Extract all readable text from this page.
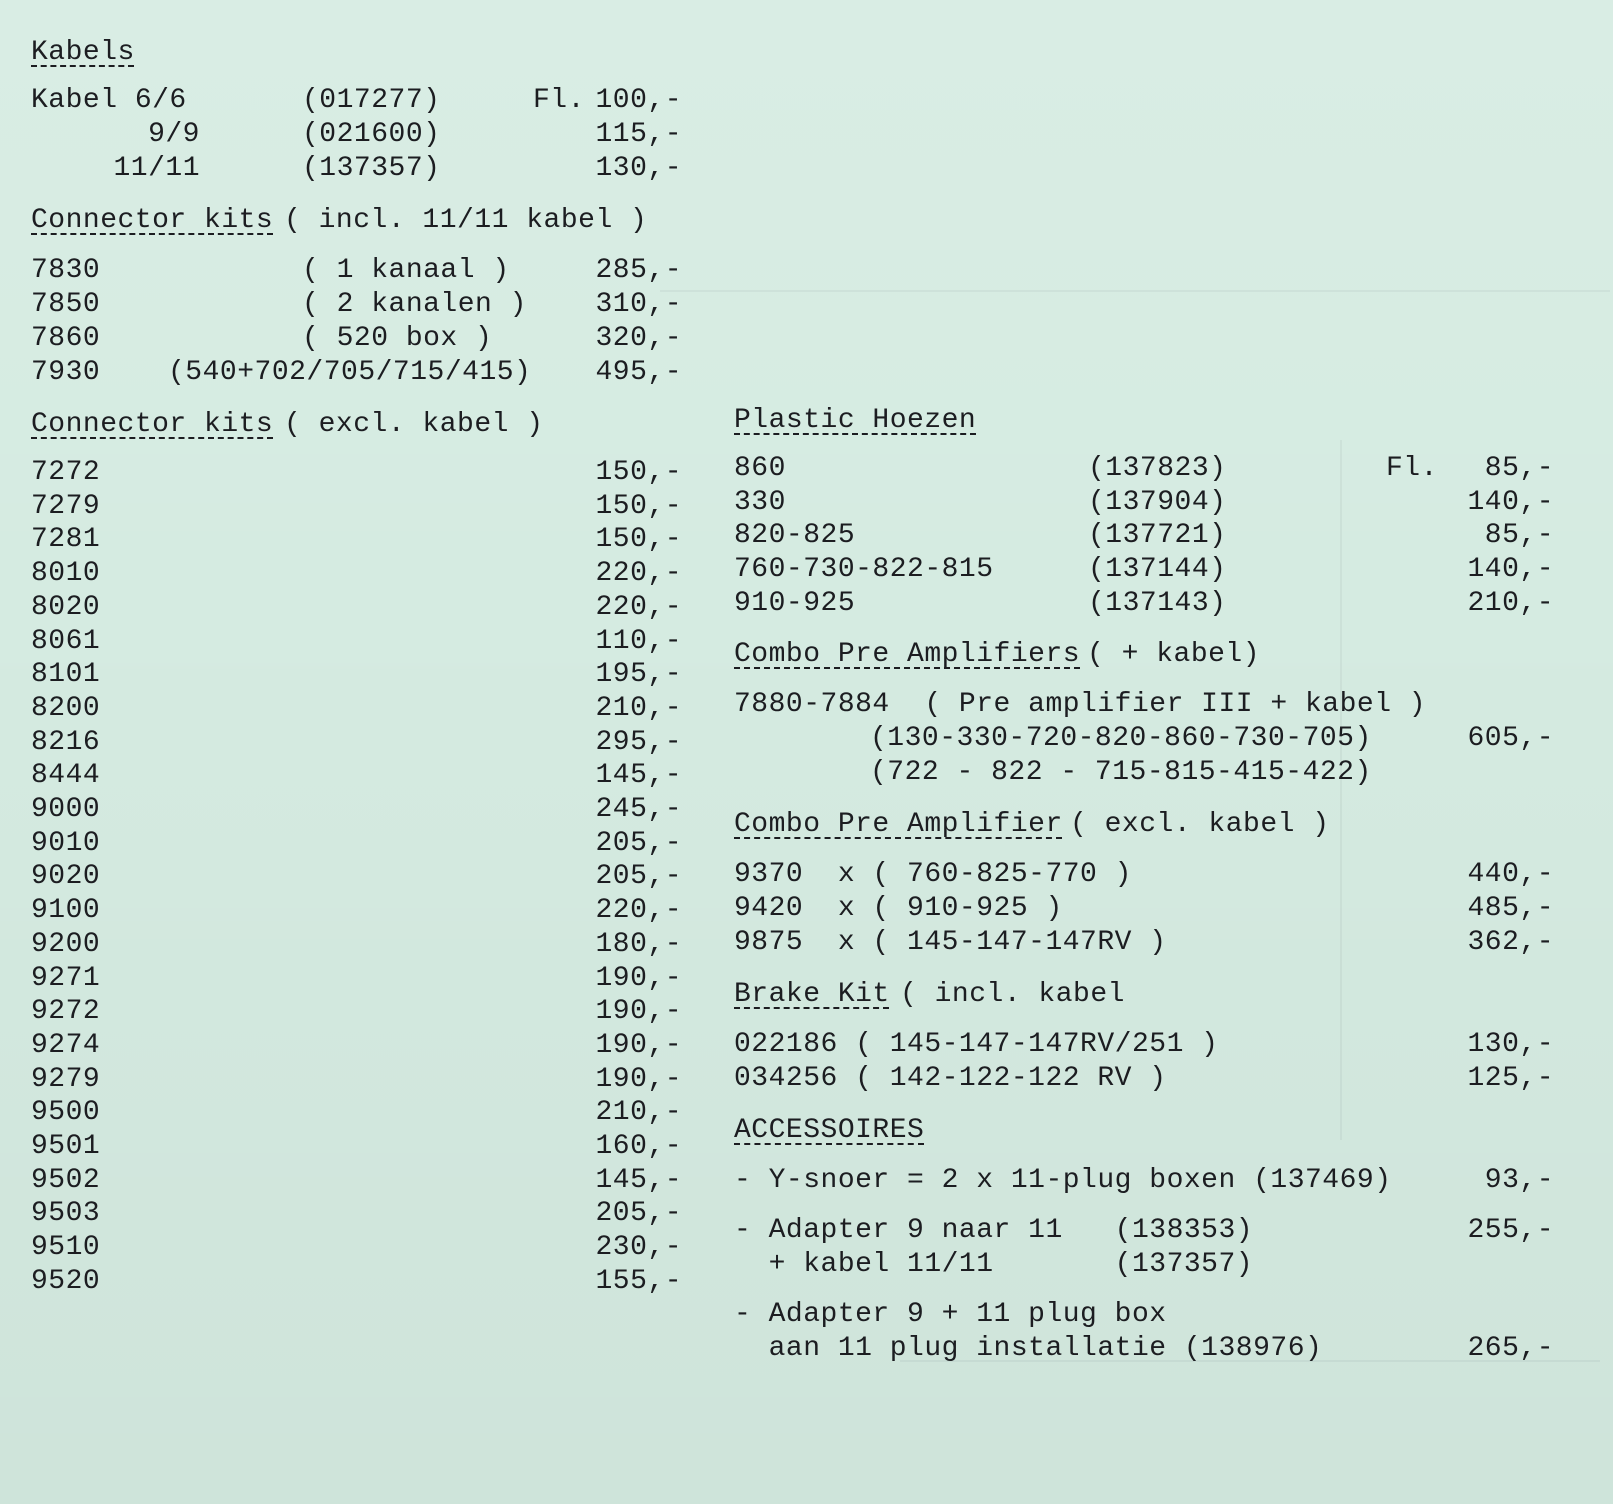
Kabels
Kabel 6/6	(017277)	Fl. 100,-
9/9	(021600)	115,-
11/11	(137357)	130,-
Connector kits ( incl. 11/11 kabel )
7830	( 1 kanaal )	285,-
7850	( 2 kanalen )	310,-
7860	( 520 box )	320,-
7930 (540+702/705/715/415)	495,-
Connector kits ( excl. kabel )
7272	150,-
7279	150,-
7281	150,-
8010	220,-
8020	220,-
8061	110,-
8101	195,-
8200	210,-
8216	295,-
8444	145,-
9000	245,-
9010	205,-
9020	205,-
9100	220,-
9200	180,-
9271	190,-
9272	190,-
9274	190,-
9279	190,-
9500	210,-
9501	160,-
9502	145,-
9503	205,-
9510	230,-
9520	155,-
Plastic Hoezen
860	(137823)	Fl.	85,-
330	(137904)	140,-
820-825	(137721)	85,-
760-730-822-815	(137144)	140,-
910-925	(137143)	210,-
Combo Pre Amplifiers ( + kabel)
7880-7884  ( Pre amplifier III + kabel )
(130-330-720-820-860-730-705)	605,-
(722 - 822 - 715-815-415-422)
Combo Pre Amplifier ( excl. kabel )
9370  x ( 760-825-770 )	440,-
9420  x ( 910-925 )	485,-
9875  x ( 145-147-147RV )	362,-
Brake Kit ( incl. kabel
022186 ( 145-147-147RV/251 )	130,-
034256 ( 142-122-122 RV )	125,-
ACCESSOIRES
- Y-snoer = 2 x 11-plug boxen (137469)	93,-
- Adapter 9 naar 11   (138353)	255,-
+ kabel 11/11       (137357)
- Adapter 9 + 11 plug box
aan 11 plug installatie (138976)	265,-
